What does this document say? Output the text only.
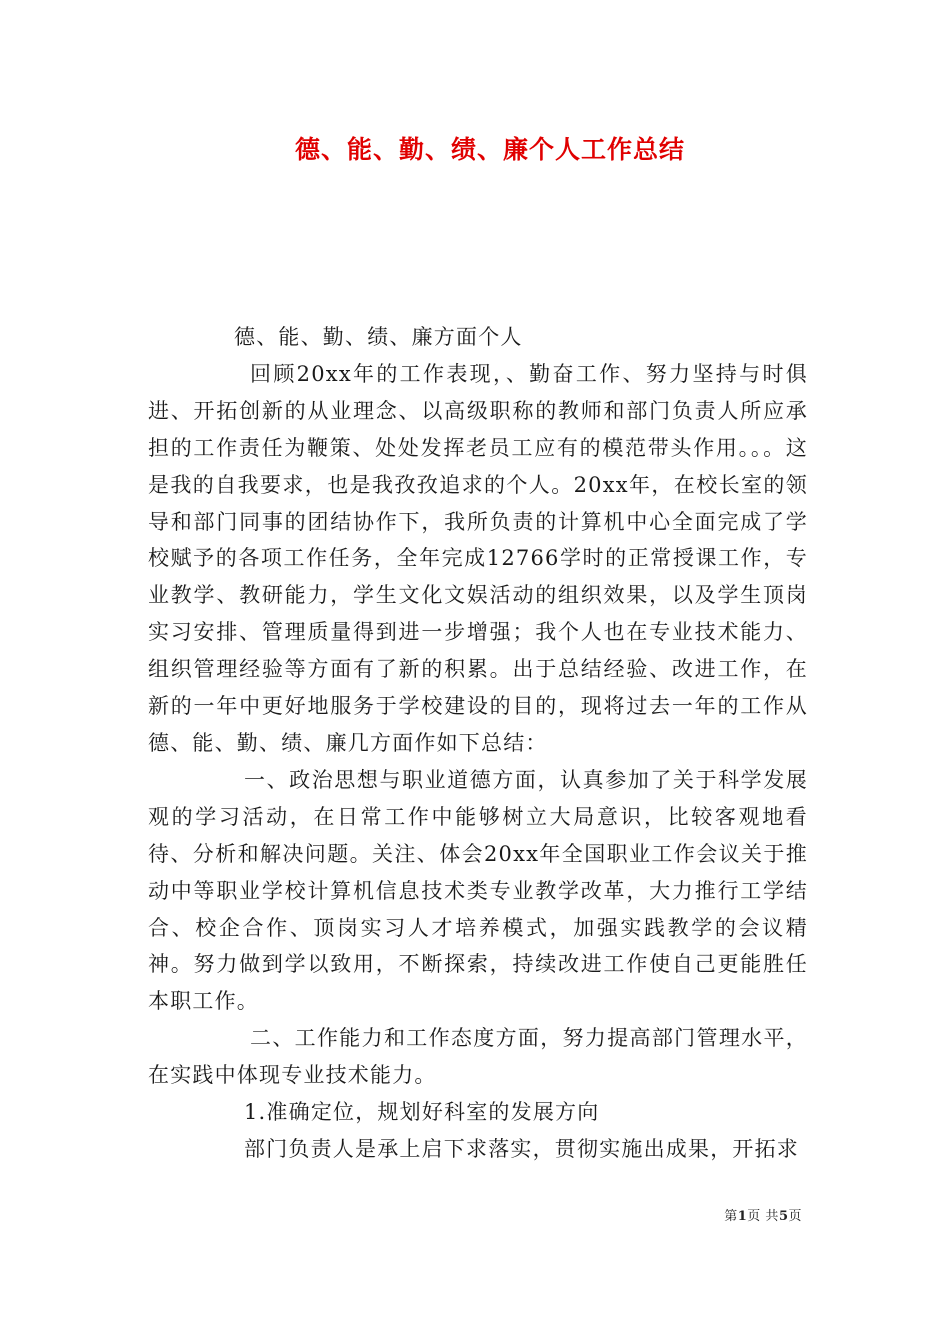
德、能、勤、绩、廉个人工作总结

德、能、勤、绩、廉方面个人

回顾20xx年的工作表现，、勤奋工作、努力坚持与时俱进、开拓创新的从业理念、以高级职称的教师和部门负责人所应承担的工作责任为鞭策、处处发挥老员工应有的模范带头作用。。。这是我的自我要求，也是我孜孜追求的个人。20xx年，在校长室的领导和部门同事的团结协作下，我所负责的计算机中心全面完成了学校赋予的各项工作任务，全年完成12766学时的正常授课工作，专业教学、教研能力，学生文化文娱活动的组织效果，以及学生顶岗实习安排、管理质量得到进一步增强；我个人也在专业技术能力、组织管理经验等方面有了新的积累。出于总结经验、改进工作，在新的一年中更好地服务于学校建设的目的，现将过去一年的工作从德、能、勤、绩、廉几方面作如下总结：

一、政治思想与职业道德方面，认真参加了关于科学发展观的学习活动，在日常工作中能够树立大局意识，比较客观地看待、分析和解决问题。关注、体会20xx年全国职业工作会议关于推动中等职业学校计算机信息技术类专业教学改革，大力推行工学结合、校企合作、顶岗实习人才培养模式，加强实践教学的会议精神。努力做到学以致用，不断探索，持续改进工作使自己更能胜任本职工作。

二、工作能力和工作态度方面，努力提高部门管理水平，在实践中体现专业技术能力。

1.准确定位，规划好科室的发展方向

部门负责人是承上启下求落实，贯彻实施出成果，开拓求

第1页 共5页
